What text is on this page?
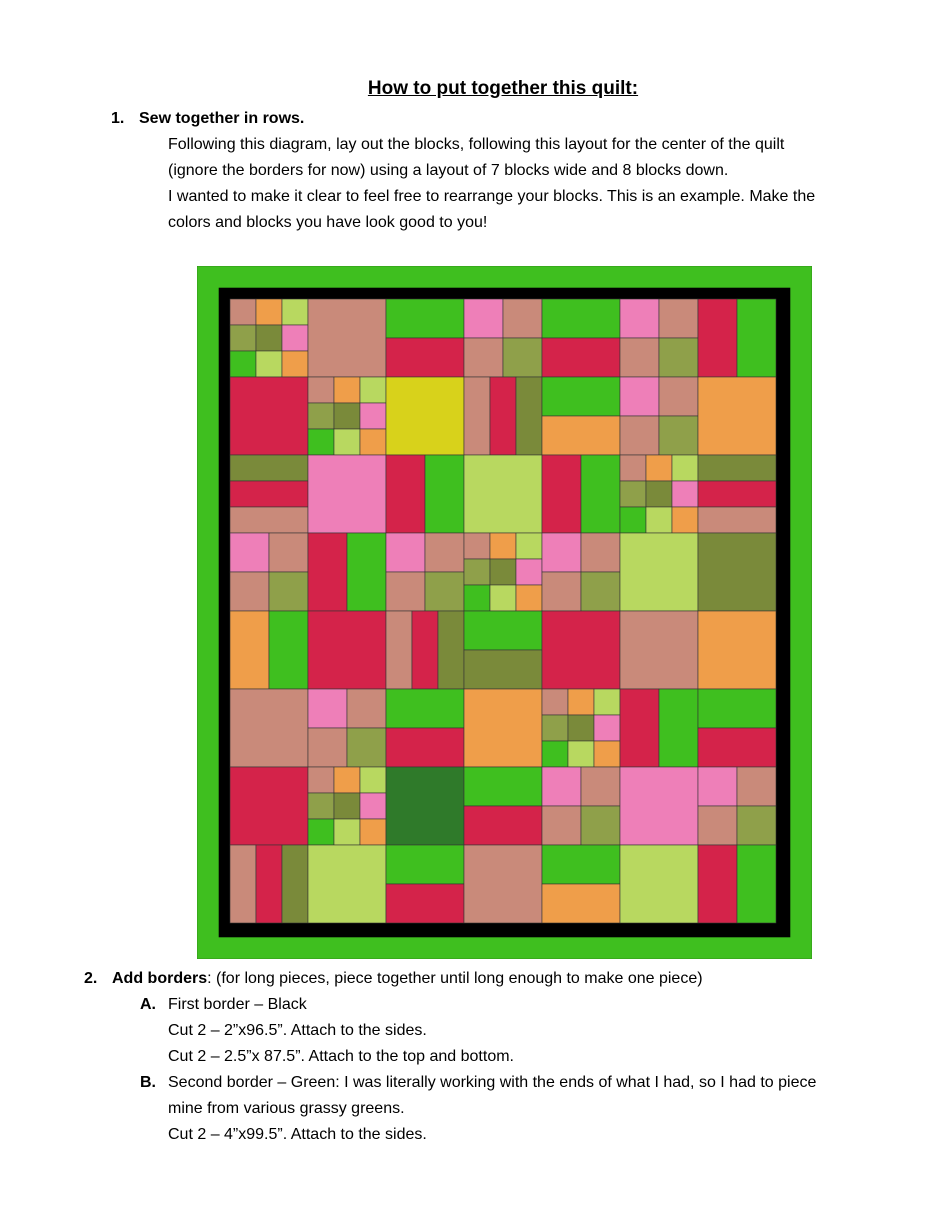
How to put together this quilt:
1. Sew together in rows.
Following this diagram, lay out the blocks, following this layout for the center of the quilt
(ignore the borders for now) using a layout of 7 blocks wide and 8 blocks down.
I wanted to make it clear to feel free to rearrange your blocks. This is an example. Make the
colors and blocks you have look good to you!
2. Add borders: (for long pieces, piece together until long enough to make one piece)
A. First border – Black
Cut 2 – 2”x96.5”. Attach to the sides.
Cut 2 – 2.5”x 87.5”. Attach to the top and bottom.
B. Second border – Green: I was literally working with the ends of what I had, so I had to piece
mine from various grassy greens.
Cut 2 – 4”x99.5”. Attach to the sides.
